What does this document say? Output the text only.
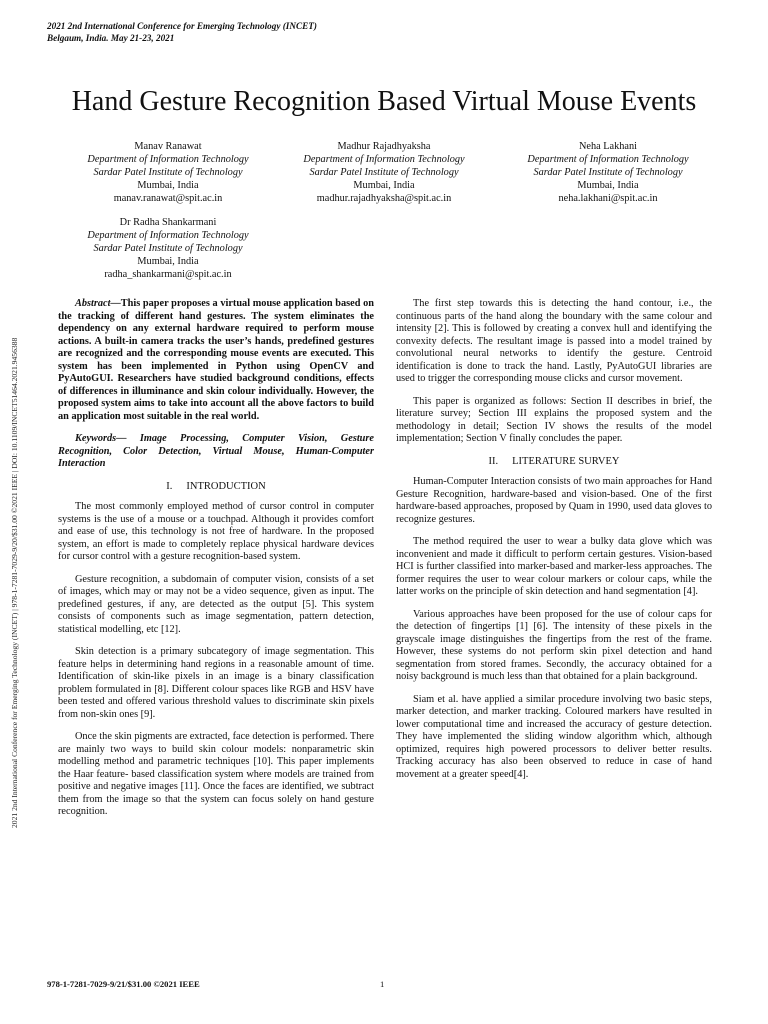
2021 2nd International Conference for Emerging Technology (INCET)
Belgaum, India. May 21-23, 2021
2021 2nd International Conference for Emerging Technology (INCET) | 978-1-7281-7029-9/20/$31.00 ©2021 IEEE | DOI: 10.1109/INCET51464.2021.9456388
Hand Gesture Recognition Based Virtual Mouse Events
Manav Ranawat
Department of Information Technology
Sardar Patel Institute of Technology
Mumbai, India
manav.ranawat@spit.ac.in
Madhur Rajadhyaksha
Department of Information Technology
Sardar Patel Institute of Technology
Mumbai, India
madhur.rajadhyaksha@spit.ac.in
Neha Lakhani
Department of Information Technology
Sardar Patel Institute of Technology
Mumbai, India
neha.lakhani@spit.ac.in
Dr Radha Shankarmani
Department of Information Technology
Sardar Patel Institute of Technology
Mumbai, India
radha_shankarmani@spit.ac.in

Abstract—This paper proposes a virtual mouse application based on the tracking of different hand gestures. The system eliminates the dependency on any external hardware required to perform mouse actions. A built-in camera tracks the user’s hands, predefined gestures are recognized and the corresponding mouse events are executed. This system has been implemented in Python using OpenCV and PyAutoGUI. Researchers have studied background conditions, effects of differences in illuminance and skin colour individually. However, the proposed system aims to take into account all the above factors to build an application most suitable in the real world.

Keywords— Image Processing, Computer Vision, Gesture Recognition, Color Detection, Virtual Mouse, Human-Computer Interaction

I. INTRODUCTION

The most commonly employed method of cursor control in computer systems is the use of a mouse or a touchpad. Although it provides comfort and ease of use, this technology is not free of hardware. In the proposed system, an effort is made to completely replace physical hardware devices for cursor control with a gesture recognition-based system.

Gesture recognition, a subdomain of computer vision, consists of a set of images, which may or may not be a video sequence, given as input. The predefined gestures, if any, are detected as the output [5]. This system consists of components such as image segmentation, pattern detection, statistical modelling, etc [12].

Skin detection is a primary subcategory of image segmentation. This feature helps in determining hand regions in a reasonable amount of time. Identification of skin-like pixels in an image is a binary classification problem formulated in [8]. Different colour spaces like RGB and HSV have been tested and offered various threshold values to discriminate skin pixels from non-skin ones [9].

Once the skin pigments are extracted, face detection is performed. There are mainly two ways to build skin colour models: nonparametric skin modelling method and parametric techniques [10]. This paper implements the Haar feature- based classification system where models are trained from positive and negative images [11]. Once the faces are identified, we subtract them from the image so that the system can focus solely on hand gesture recognition.

The first step towards this is detecting the hand contour, i.e., the continuous parts of the hand along the boundary with the same colour and intensity [2]. This is followed by creating a convex hull and identifying the convexity defects. The resultant image is passed into a model trained by convolutional neural networks to identify the gesture. Centroid identification is done to track the hand. Lastly, PyAutoGUI libraries are used to trigger the corresponding mouse clicks and cursor movement.

This paper is organized as follows: Section II describes in brief, the literature survey; Section III explains the proposed system and the methodology in detail; Section IV shows the results of the model implementation; Section V finally concludes the paper.

II. LITERATURE SURVEY

Human-Computer Interaction consists of two main approaches for Hand Gesture Recognition, hardware-based and vision-based. One of the first hardware-based approaches, proposed by Quam in 1990, used data gloves to recognize gestures.

The method required the user to wear a bulky data glove which was inconvenient and made it difficult to perform certain gestures. Vision-based HCI is further classified into marker-based and marker-less approaches. The former requires the user to wear colour markers or colour caps, while the latter works on the principle of skin detection and hand segmentation [4].

Various approaches have been proposed for the use of colour caps for the detection of fingertips [1] [6]. The intensity of these pixels in the grayscale image distinguishes the fingertips from the rest of the frame. However, these systems do not perform skin pixel detection and hand segmentation from stored frames. Secondly, the accuracy obtained for a noisy background is much less than that obtained for a plain background.

Siam et al. have applied a similar procedure involving two basic steps, marker detection, and marker tracking. Coloured markers have resulted in lower computational time and increased the accuracy of gesture detection. They have implemented the sliding window algorithm which, although optimized, requires high powered processors to deliver better results. Tracking accuracy has also been observed to reduce in case of hand movement at a greater speed[4].

978-1-7281-7029-9/21/$31.00 ©2021 IEEE	1
